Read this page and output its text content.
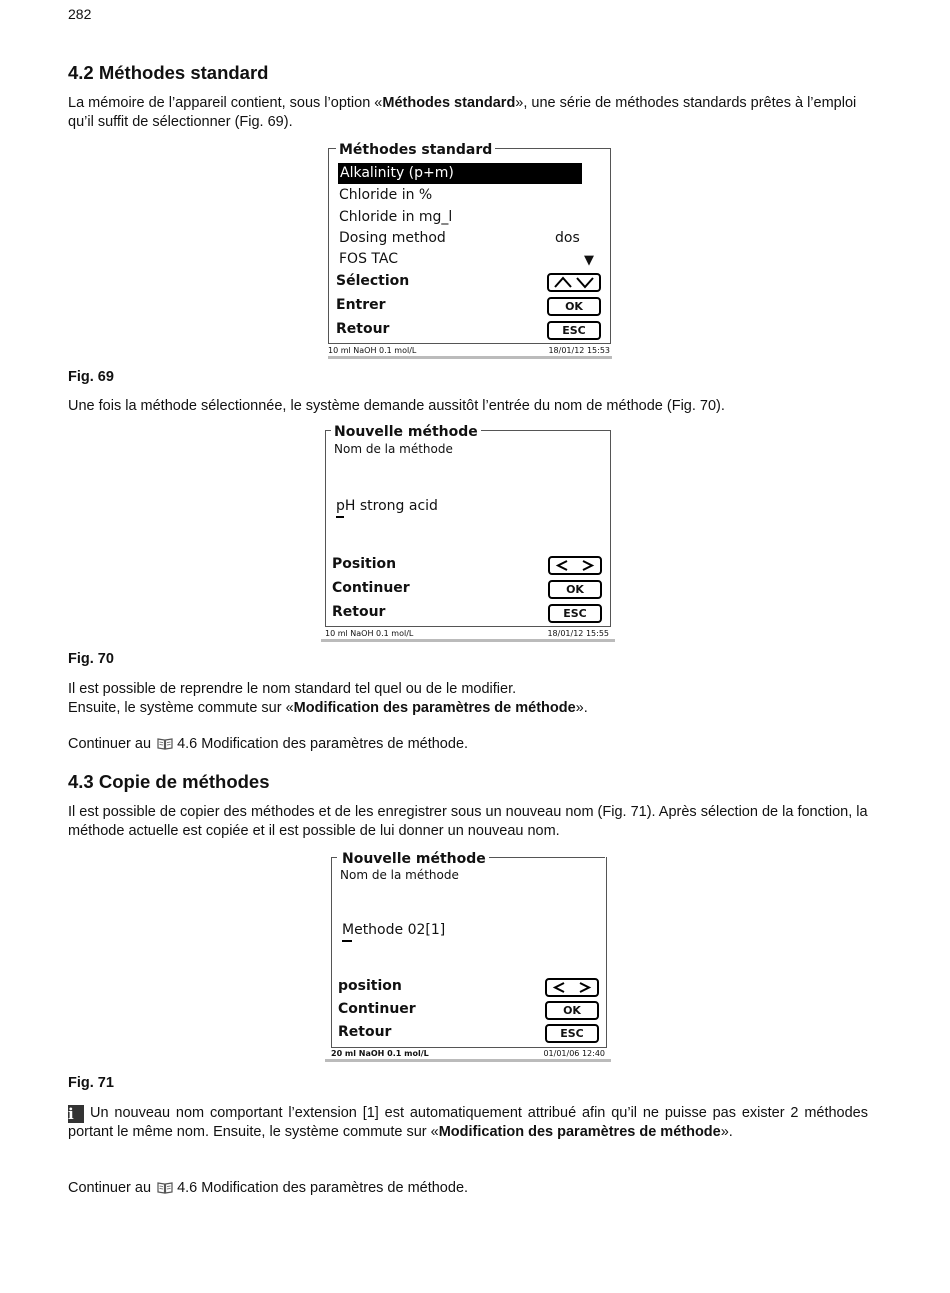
282
4.2 Méthodes standard
La mémoire de l’appareil contient, sous l’option «Méthodes standard», une série de méthodes standards prêtes à l’emploi qu’il suffit de sélectionner (Fig. 69).
Méthodes standard
Alkalinity (p+m)
Chloride in %
Chloride in mg_l
Dosing method	dos
FOS TAC	▼
Sélection
Entrer	OK
Retour	ESC
10 ml NaOH 0.1 mol/L	18/01/12 15:53
Fig. 69
Une fois la méthode sélectionnée, le système demande aussitôt l’entrée du nom de méthode (Fig. 70).
Nouvelle méthode
Nom de la méthode
pH strong acid
Position
Continuer	OK
Retour	ESC
10 ml NaOH 0.1 mol/L	18/01/12 15:55
Fig. 70
Il est possible de reprendre le nom standard tel quel ou de le modifier.
Ensuite, le système commute sur «Modification des paramètres de méthode».
Continuer au 4.6 Modification des paramètres de méthode.
4.3 Copie de méthodes
Il est possible de copier des méthodes et de les enregistrer sous un nouveau nom (Fig. 71). Après sélection de la fonction, la méthode actuelle est copiée et il est possible de lui donner un nouveau nom.
Nouvelle méthode
Nom de la méthode
Methode 02[1]
position
Continuer	OK
Retour	ESC
20 ml NaOH 0.1 mol/L	01/01/06 12:40
Fig. 71
i Un nouveau nom comportant l’extension [1] est automatiquement attribué afin qu’il ne puisse pas exister 2 méthodes portant le même nom. Ensuite, le système commute sur «Modification des paramètres de méthode».
Continuer au 4.6 Modification des paramètres de méthode.
